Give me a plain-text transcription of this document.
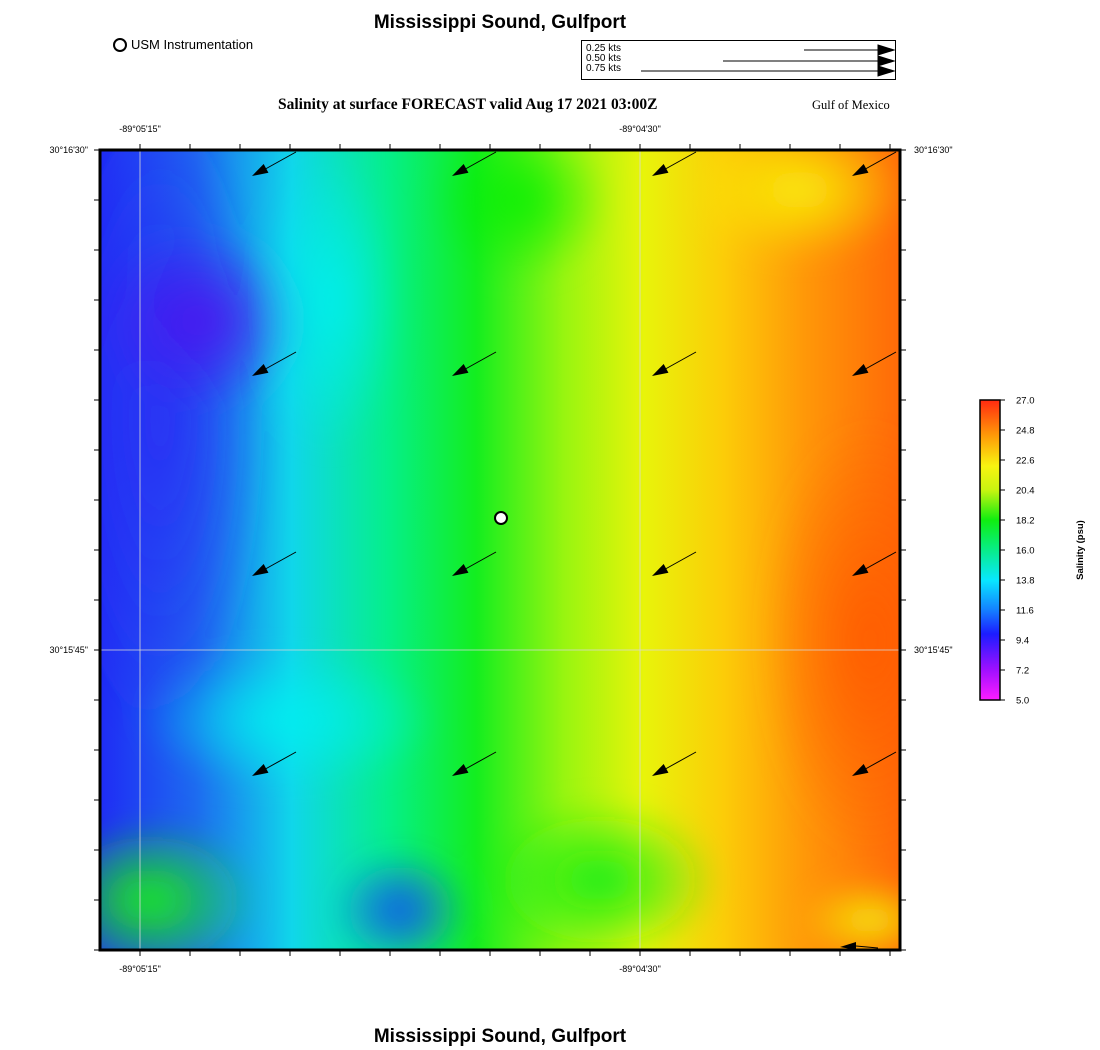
Mississippi Sound, Gulfport
USM Instrumentation	0.25 kts
0.50 kts
0.75 kts
Salinity at surface FORECAST valid Aug 17 2021 03:00Z	Gulf of Mexico
-89°05'15"	-89°04'30"
-89°05'15"	-89°04'30"
30°16'30"
30°15'45"
30°16'30"
30°15'45"
27.0
24.8
22.6
20.4
18.2
16.0
13.8
11.6
9.4
7.2
5.0
Salinity (psu)
Mississippi Sound, Gulfport
